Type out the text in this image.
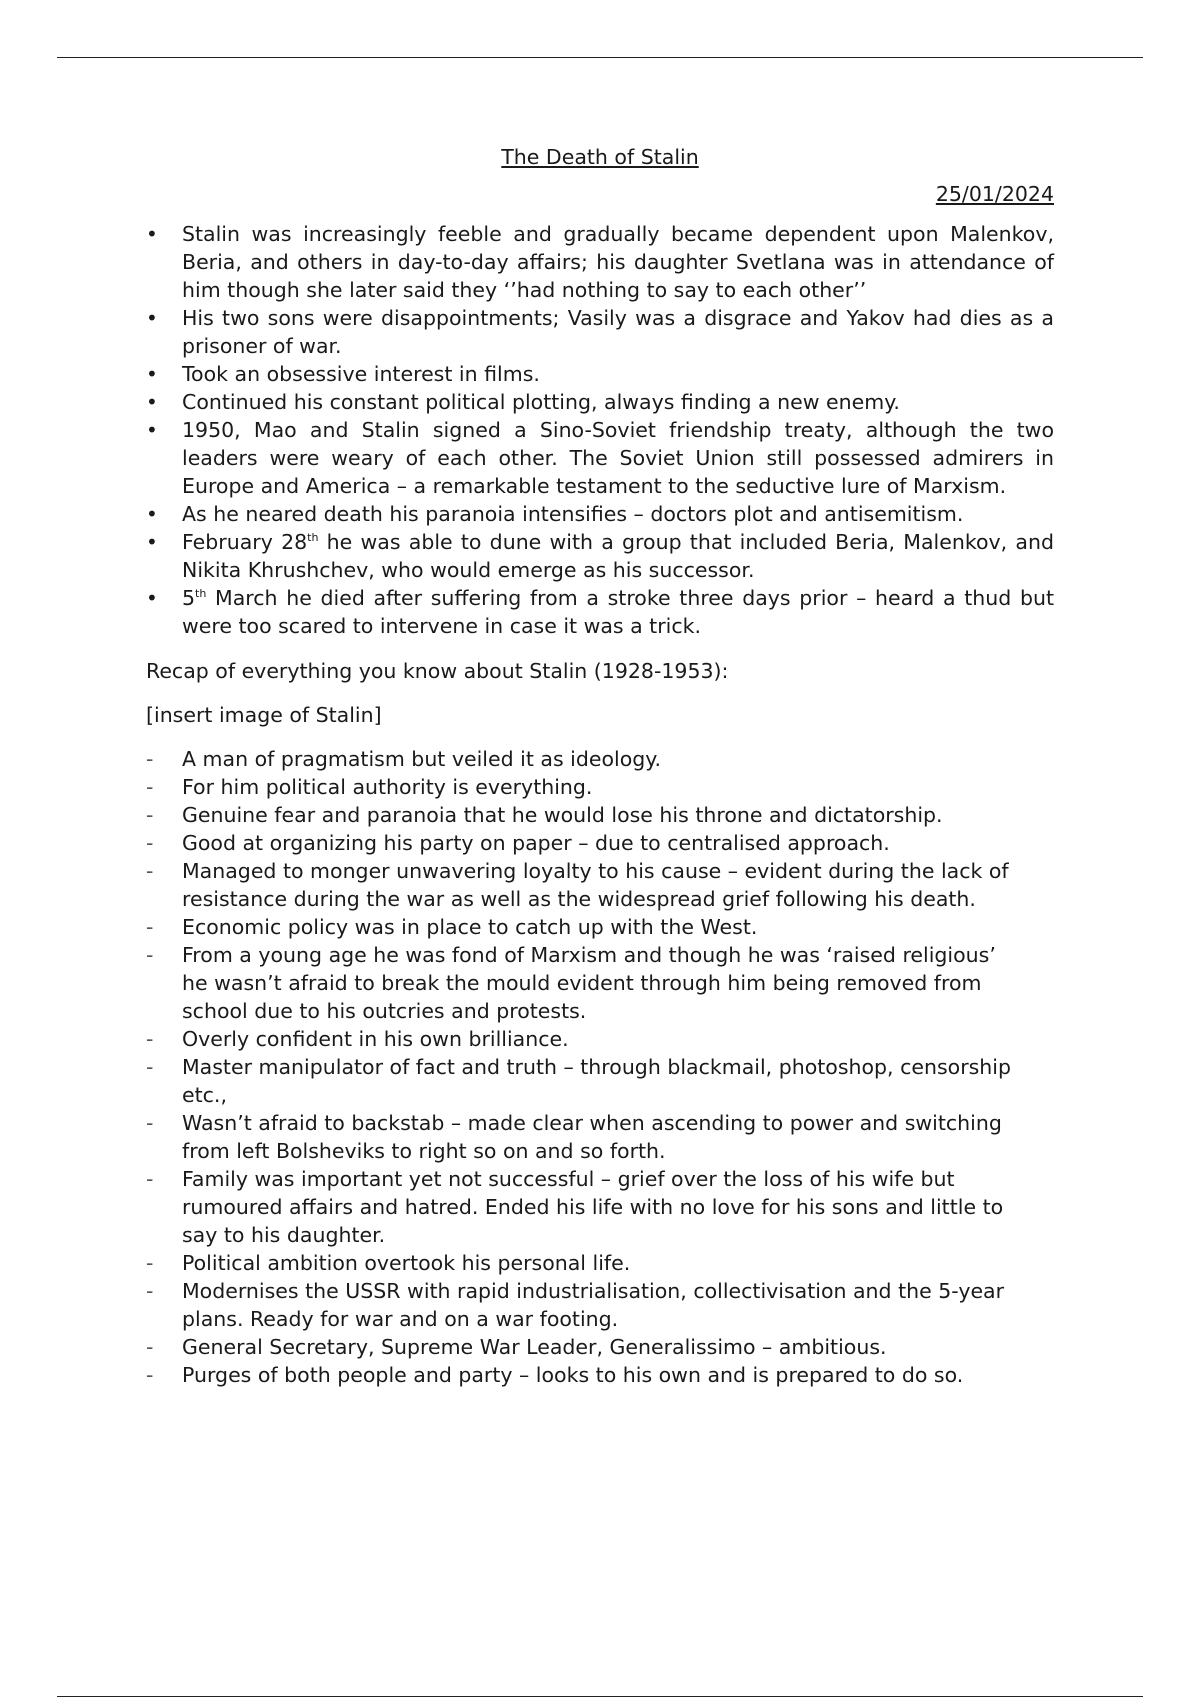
The Death of Stalin
25/01/2024
• Stalin was increasingly feeble and gradually became dependent upon Malenkov, Beria, and others in day-to-day affairs; his daughter Svetlana was in attendance of him though she later said they ‘’had nothing to say to each other’’
• His two sons were disappointments; Vasily was a disgrace and Yakov had dies as a prisoner of war.
• Took an obsessive interest in films.
• Continued his constant political plotting, always finding a new enemy.
• 1950, Mao and Stalin signed a Sino-Soviet friendship treaty, although the two leaders were weary of each other. The Soviet Union still possessed admirers in Europe and America – a remarkable testament to the seductive lure of Marxism.
• As he neared death his paranoia intensifies – doctors plot and antisemitism.
• February 28th he was able to dune with a group that included Beria, Malenkov, and Nikita Khrushchev, who would emerge as his successor.
• 5th March he died after suffering from a stroke three days prior – heard a thud but were too scared to intervene in case it was a trick.

Recap of everything you know about Stalin (1928-1953):

[insert image of Stalin]

- A man of pragmatism but veiled it as ideology.
- For him political authority is everything.
- Genuine fear and paranoia that he would lose his throne and dictatorship.
- Good at organizing his party on paper – due to centralised approach.
- Managed to monger unwavering loyalty to his cause – evident during the lack of resistance during the war as well as the widespread grief following his death.
- Economic policy was in place to catch up with the West.
- From a young age he was fond of Marxism and though he was ‘raised religious’ he wasn’t afraid to break the mould evident through him being removed from school due to his outcries and protests.
- Overly confident in his own brilliance.
- Master manipulator of fact and truth – through blackmail, photoshop, censorship etc.,
- Wasn’t afraid to backstab – made clear when ascending to power and switching from left Bolsheviks to right so on and so forth.
- Family was important yet not successful – grief over the loss of his wife but rumoured affairs and hatred. Ended his life with no love for his sons and little to say to his daughter.
- Political ambition overtook his personal life.
- Modernises the USSR with rapid industrialisation, collectivisation and the 5-year plans. Ready for war and on a war footing.
- General Secretary, Supreme War Leader, Generalissimo – ambitious.
- Purges of both people and party – looks to his own and is prepared to do so.
